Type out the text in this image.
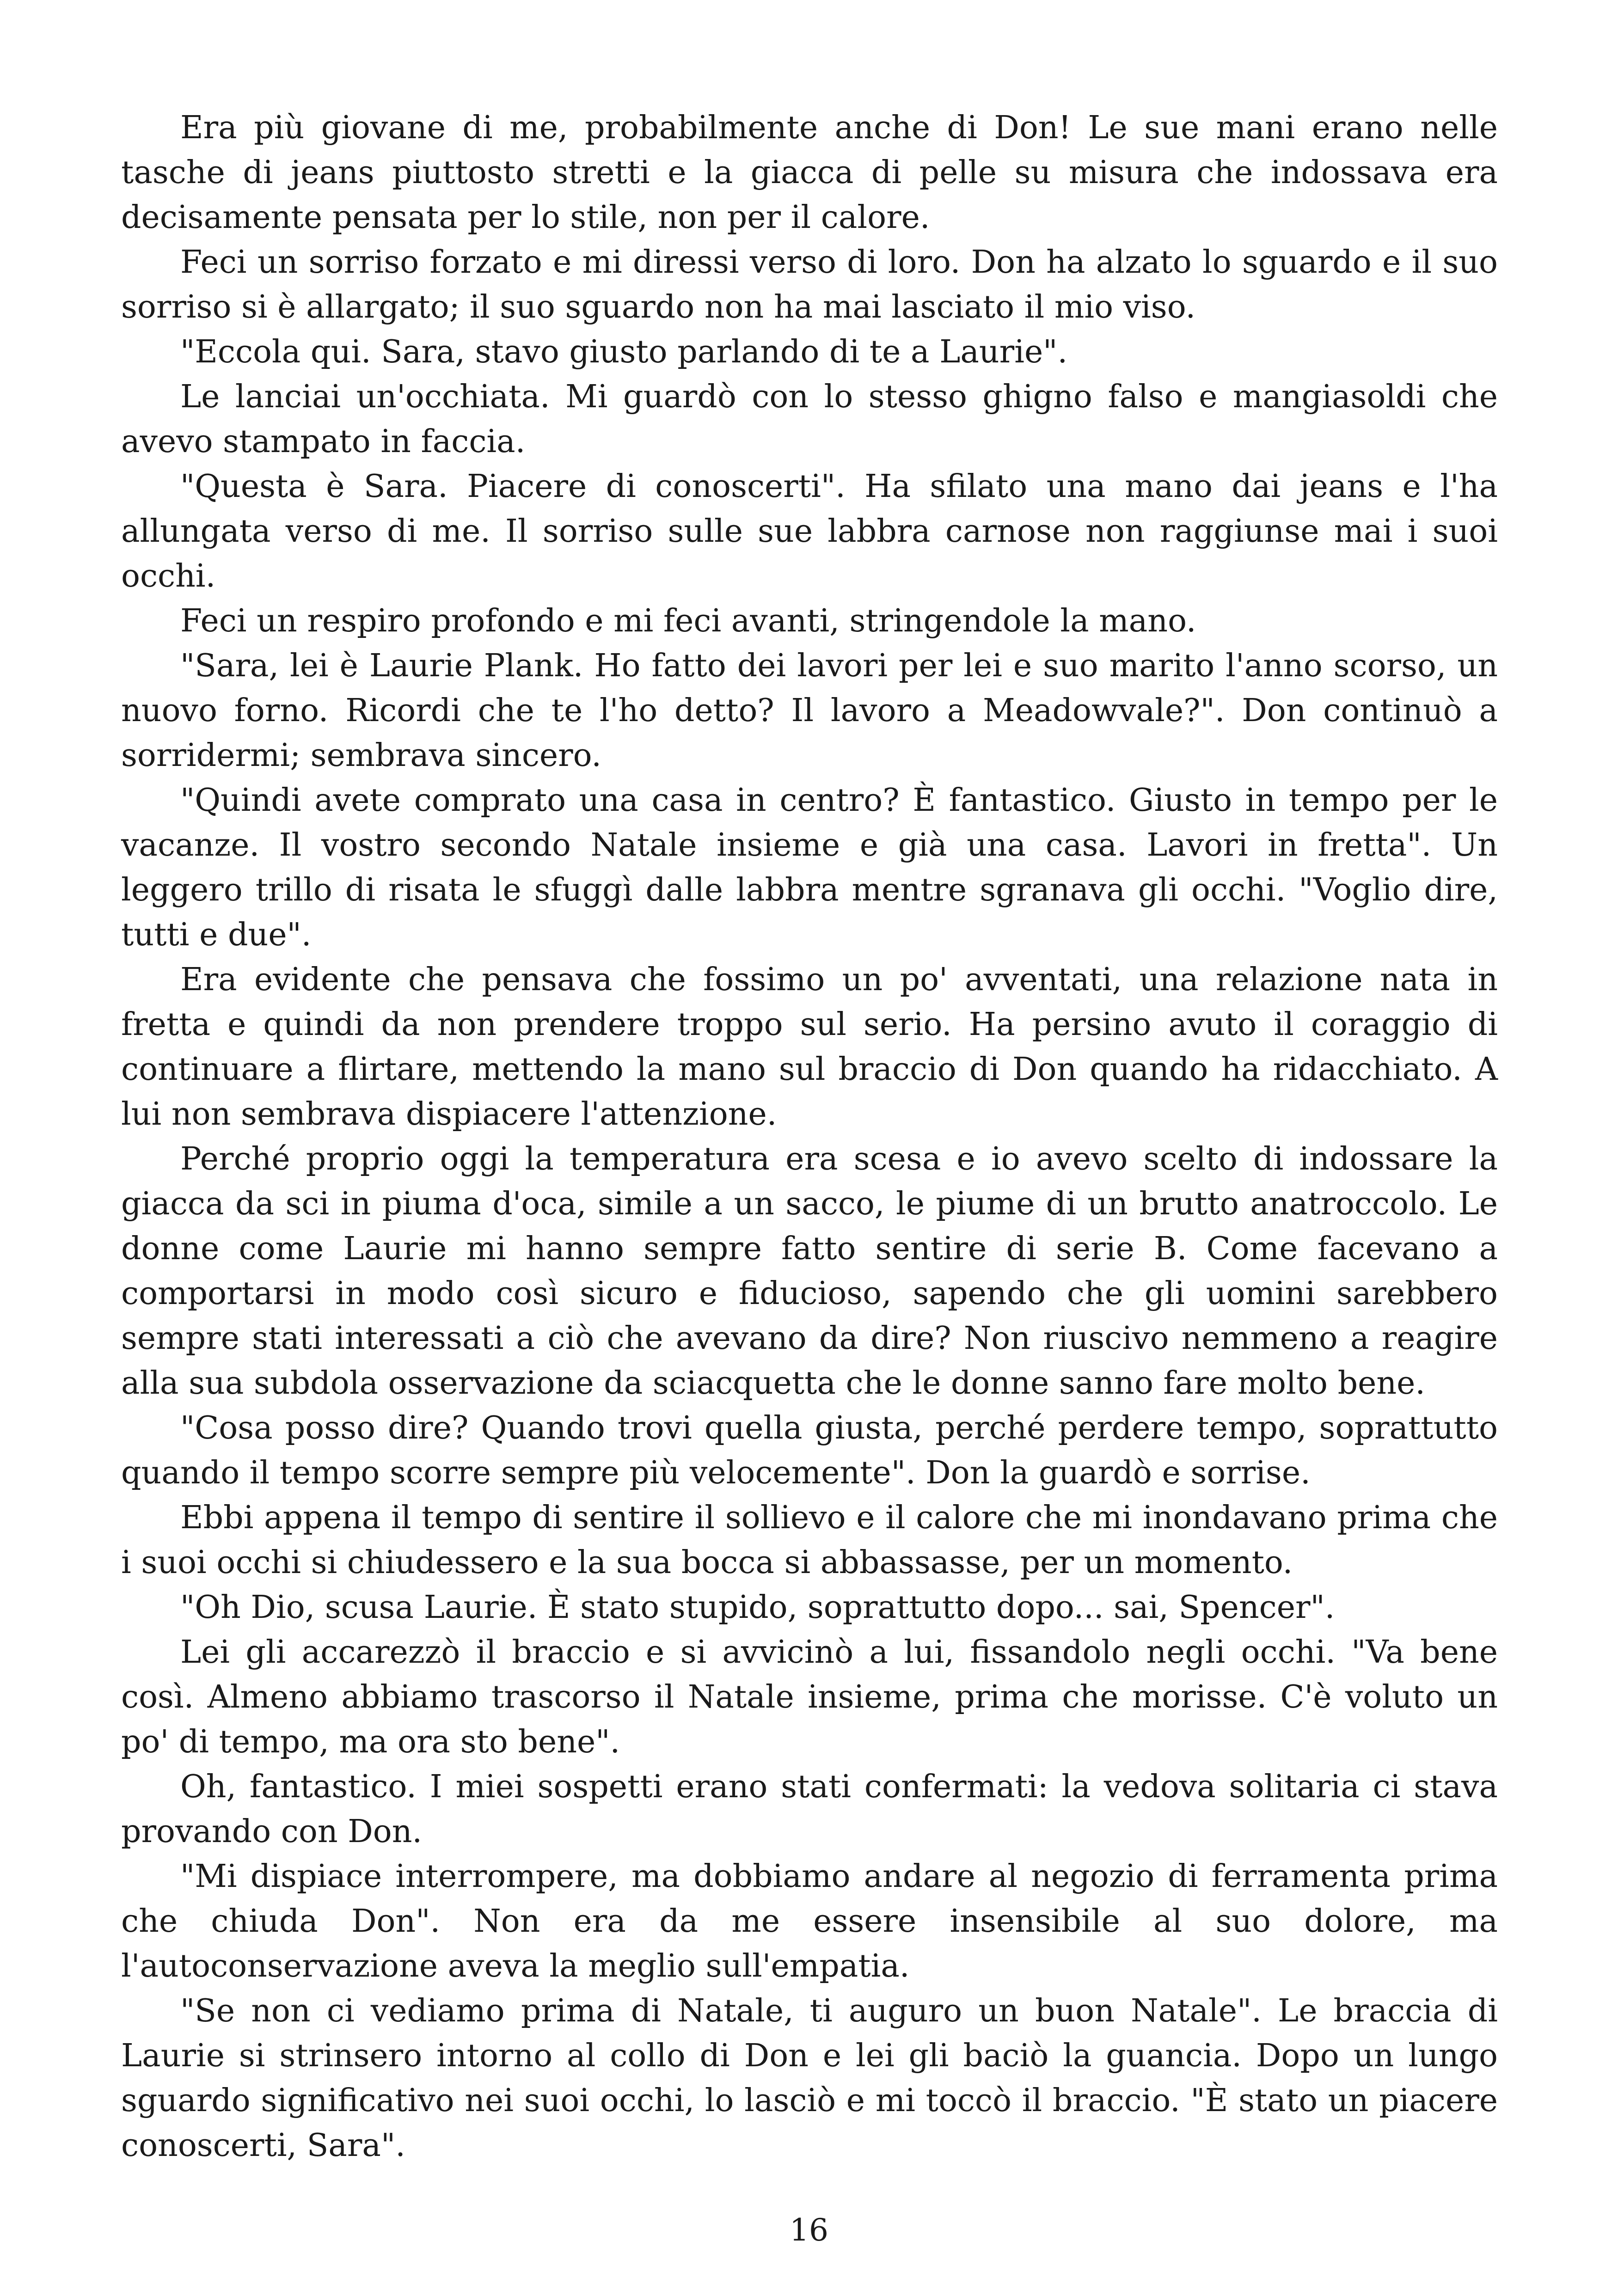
Era più giovane di me, probabilmente anche di Don! Le sue mani erano nelle tasche di jeans piuttosto stretti e la giacca di pelle su misura che indossava era decisamente pensata per lo stile, non per il calore.

Feci un sorriso forzato e mi diressi verso di loro. Don ha alzato lo sguardo e il suo sorriso si è allargato; il suo sguardo non ha mai lasciato il mio viso.

"Eccola qui. Sara, stavo giusto parlando di te a Laurie".

Le lanciai un'occhiata. Mi guardò con lo stesso ghigno falso e mangiasoldi che avevo stampato in faccia.

"Questa è Sara. Piacere di conoscerti". Ha sfilato una mano dai jeans e l'ha allungata verso di me. Il sorriso sulle sue labbra carnose non raggiunse mai i suoi occhi.

Feci un respiro profondo e mi feci avanti, stringendole la mano.

"Sara, lei è Laurie Plank. Ho fatto dei lavori per lei e suo marito l'anno scorso, un nuovo forno. Ricordi che te l'ho detto? Il lavoro a Meadowvale?". Don continuò a sorridermi; sembrava sincero.

"Quindi avete comprato una casa in centro? È fantastico. Giusto in tempo per le vacanze. Il vostro secondo Natale insieme e già una casa. Lavori in fretta". Un leggero trillo di risata le sfuggì dalle labbra mentre sgranava gli occhi. "Voglio dire, tutti e due".

Era evidente che pensava che fossimo un po' avventati, una relazione nata in fretta e quindi da non prendere troppo sul serio. Ha persino avuto il coraggio di continuare a flirtare, mettendo la mano sul braccio di Don quando ha ridacchiato. A lui non sembrava dispiacere l'attenzione.

Perché proprio oggi la temperatura era scesa e io avevo scelto di indossare la giacca da sci in piuma d'oca, simile a un sacco, le piume di un brutto anatroccolo. Le donne come Laurie mi hanno sempre fatto sentire di serie B. Come facevano a comportarsi in modo così sicuro e fiducioso, sapendo che gli uomini sarebbero sempre stati interessati a ciò che avevano da dire? Non riuscivo nemmeno a reagire alla sua subdola osservazione da sciacquetta che le donne sanno fare molto bene.

"Cosa posso dire? Quando trovi quella giusta, perché perdere tempo, soprattutto quando il tempo scorre sempre più velocemente". Don la guardò e sorrise.

Ebbi appena il tempo di sentire il sollievo e il calore che mi inondavano prima che i suoi occhi si chiudessero e la sua bocca si abbassasse, per un momento.

"Oh Dio, scusa Laurie. È stato stupido, soprattutto dopo... sai, Spencer".

Lei gli accarezzò il braccio e si avvicinò a lui, fissandolo negli occhi. "Va bene così. Almeno abbiamo trascorso il Natale insieme, prima che morisse. C'è voluto un po' di tempo, ma ora sto bene".

Oh, fantastico. I miei sospetti erano stati confermati: la vedova solitaria ci stava provando con Don.

"Mi dispiace interrompere, ma dobbiamo andare al negozio di ferramenta prima che chiuda Don". Non era da me essere insensibile al suo dolore, ma l'autoconservazione aveva la meglio sull'empatia.

"Se non ci vediamo prima di Natale, ti auguro un buon Natale". Le braccia di Laurie si strinsero intorno al collo di Don e lei gli baciò la guancia. Dopo un lungo sguardo significativo nei suoi occhi, lo lasciò e mi toccò il braccio. "È stato un piacere conoscerti, Sara".

16
